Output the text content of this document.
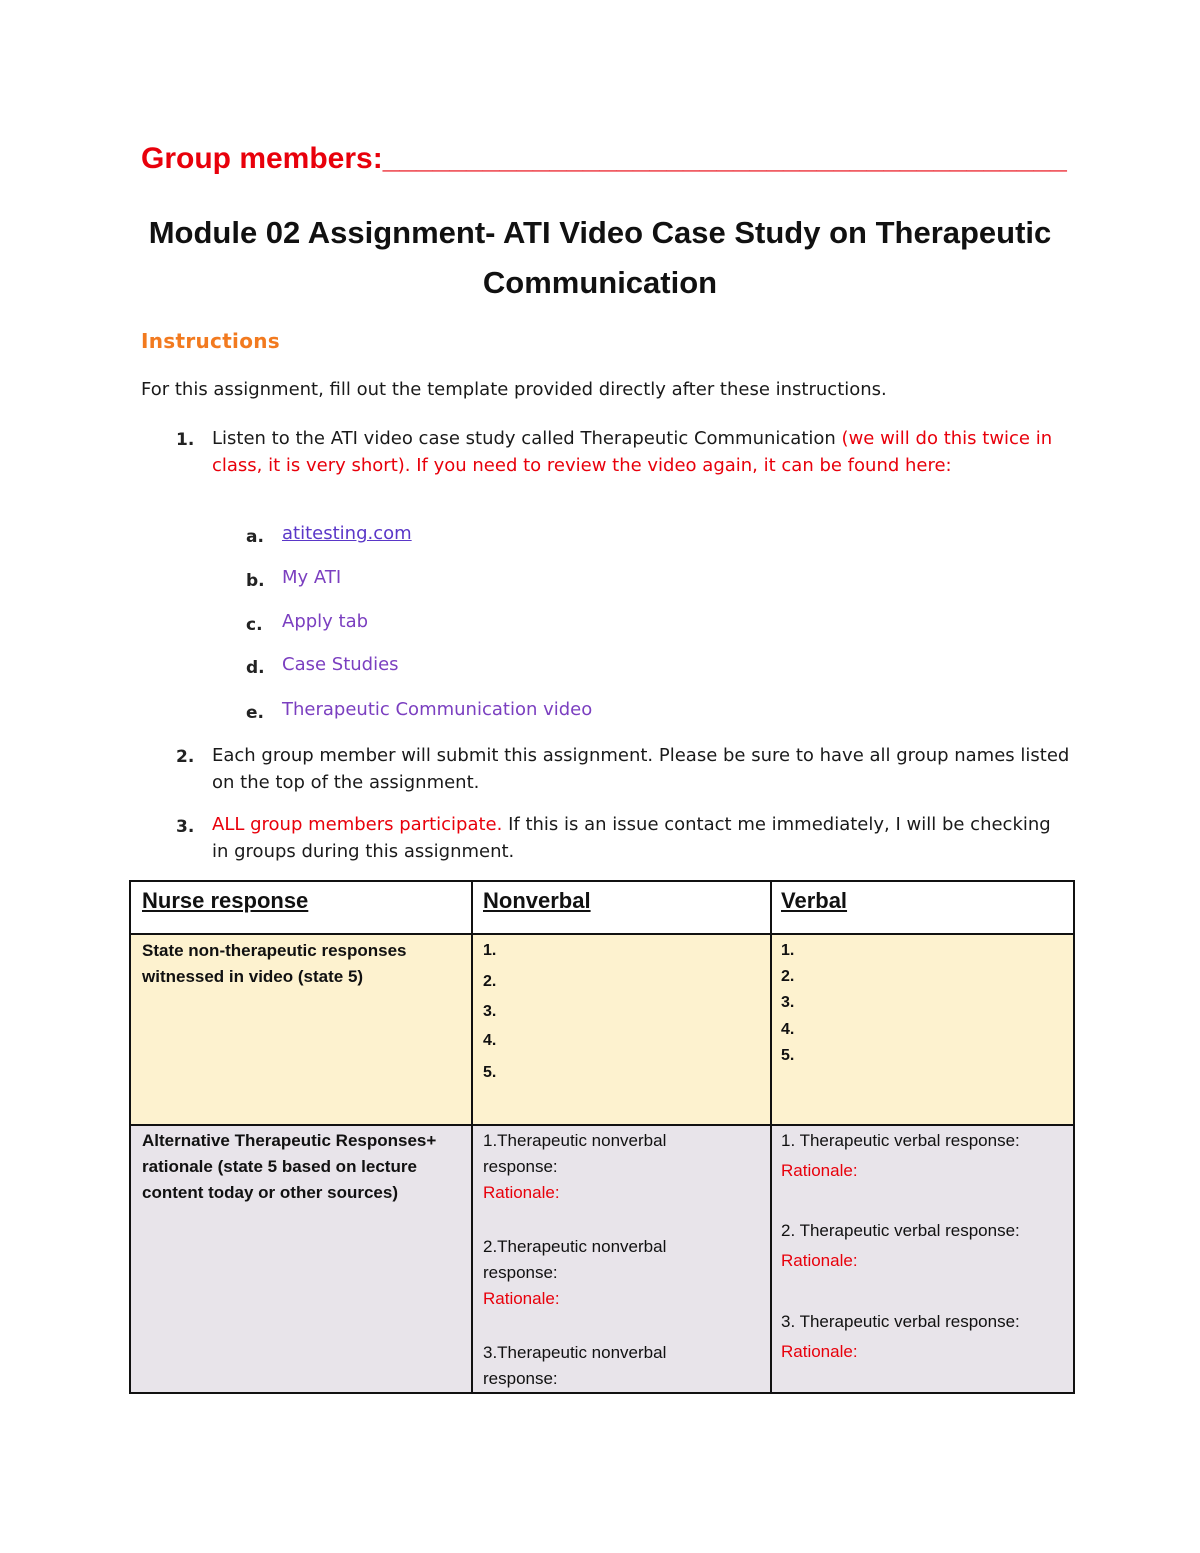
Group members:_________________________________________
Module 02 Assignment- ATI Video Case Study on Therapeutic Communication
Instructions
For this assignment, fill out the template provided directly after these instructions.
1. Listen to the ATI video case study called Therapeutic Communication (we will do this twice in class, it is very short). If you need to review the video again, it can be found here:
a. atitesting.com
b. My ATI
c. Apply tab
d. Case Studies
e. Therapeutic Communication video
2. Each group member will submit this assignment. Please be sure to have all group names listed on the top of the assignment.
3. ALL group members participate. If this is an issue contact me immediately, I will be checking in groups during this assignment.
Nurse response	Nonverbal	Verbal
State non-therapeutic responses witnessed in video (state 5)
1.
2.
3.
4.
5.
1.
2.
3.
4.
5.
Alternative Therapeutic Responses+ rationale (state 5 based on lecture content today or other sources)
1.Therapeutic nonverbal
response:
Rationale:
2.Therapeutic nonverbal
response:
Rationale:
3.Therapeutic nonverbal
response:
1. Therapeutic verbal response:
Rationale:
2. Therapeutic verbal response:
Rationale:
3. Therapeutic verbal response:
Rationale:
